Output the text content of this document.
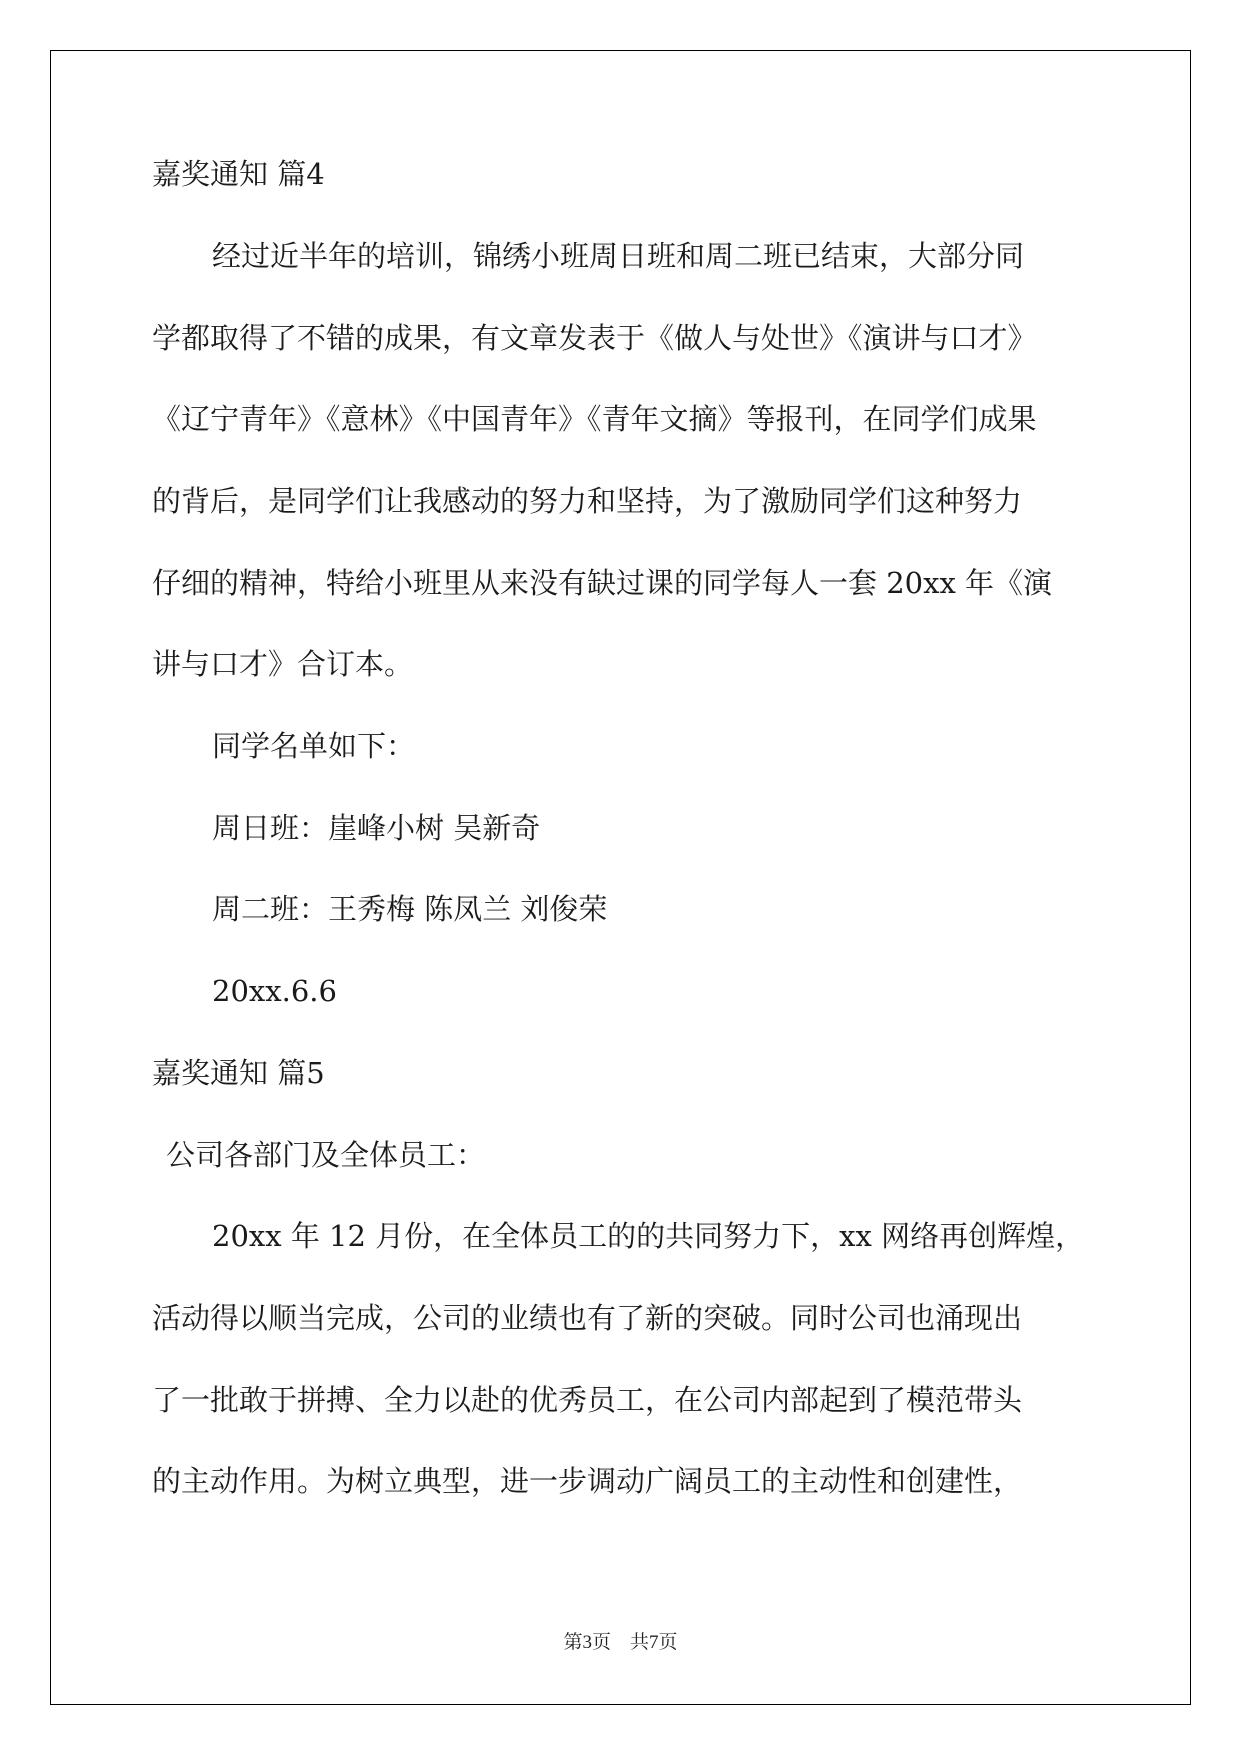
嘉奖通知 篇4
经过近半年的培训，锦绣小班周日班和周二班已结束，大部分同
学都取得了不错的成果，有文章发表于《做人与处世》《演讲与口才》
《辽宁青年》《意林》《中国青年》《青年文摘》等报刊，在同学们成果
的背后，是同学们让我感动的努力和坚持，为了激励同学们这种努力
仔细的精神，特给小班里从来没有缺过课的同学每人一套 20xx 年《演
讲与口才》合订本。
同学名单如下：
周日班：崖峰小树 吴新奇
周二班：王秀梅 陈凤兰 刘俊荣
20xx.6.6
嘉奖通知 篇5
公司各部门及全体员工：
20xx 年 12 月份，在全体员工的的共同努力下，xx 网络再创辉煌，
活动得以顺当完成，公司的业绩也有了新的突破。同时公司也涌现出
了一批敢于拼搏、全力以赴的优秀员工，在公司内部起到了模范带头
的主动作用。为树立典型，进一步调动广阔员工的主动性和创建性，
第3页　共7页
